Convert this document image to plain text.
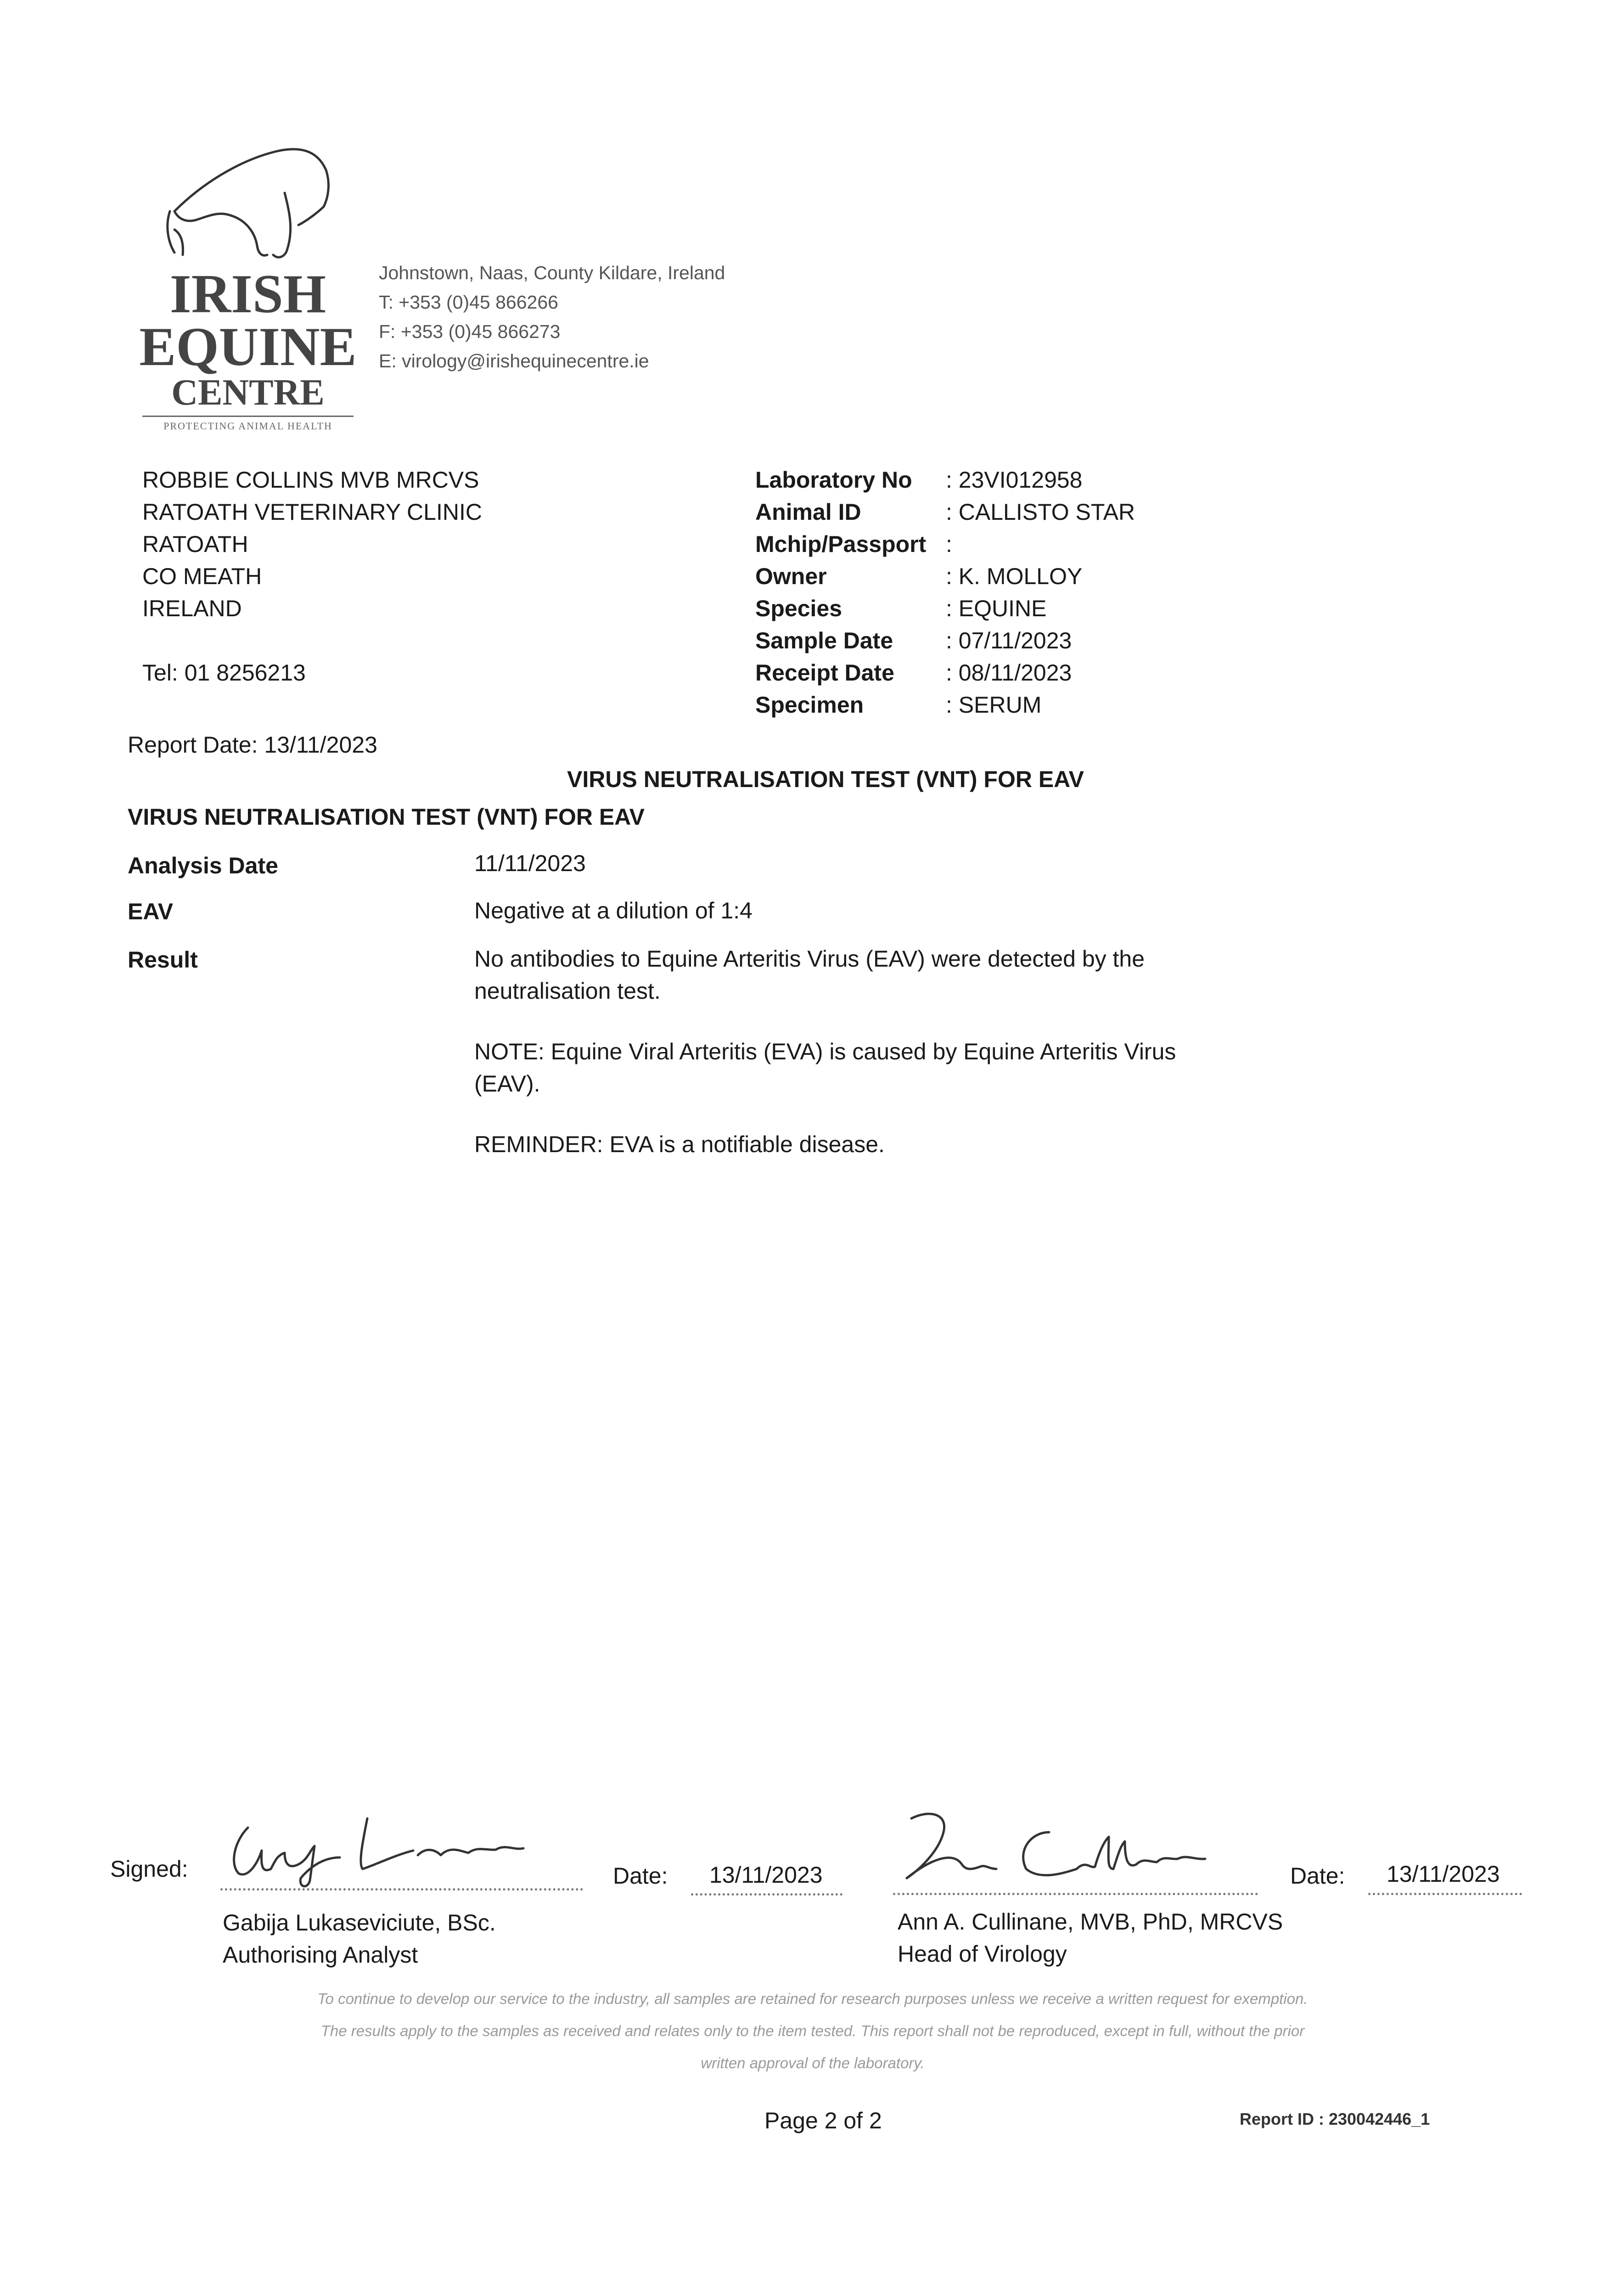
IRISH
EQUINE
CENTRE
PROTECTING ANIMAL HEALTH
Johnstown, Naas, County Kildare, Ireland
T: +353 (0)45 866266
F: +353 (0)45 866273
E: virology@irishequinecentre.ie
ROBBIE COLLINS MVB MRCVS
RATOATH VETERINARY CLINIC
RATOATH
CO MEATH
IRELAND
Tel: 01 8256213
Laboratory No	: 23VI012958
Animal ID	: CALLISTO STAR
Mchip/Passport :
Owner	: K. MOLLOY
Species	: EQUINE
Sample Date	: 07/11/2023
Receipt Date	: 08/11/2023
Specimen	: SERUM
Report Date: 13/11/2023
VIRUS NEUTRALISATION TEST (VNT) FOR EAV
VIRUS NEUTRALISATION TEST (VNT) FOR EAV
Analysis Date	11/11/2023
EAV	Negative at a dilution of 1:4
Result	No antibodies to Equine Arteritis Virus (EAV) were detected by the
neutralisation test.
NOTE: Equine Viral Arteritis (EVA) is caused by Equine Arteritis Virus
(EAV).
REMINDER: EVA is a notifiable disease.
Signed:	Date: 13/11/2023
Gabija Lukaseviciute, BSc.
Authorising Analyst
Date: 13/11/2023
Ann A. Cullinane, MVB, PhD, MRCVS
Head of Virology
To continue to develop our service to the industry, all samples are retained for research purposes unless we receive a written request for exemption.
The results apply to the samples as received and relates only to the item tested. This report shall not be reproduced, except in full, without the prior
written approval of the laboratory.
Page 2 of 2	Report ID : 230042446_1
